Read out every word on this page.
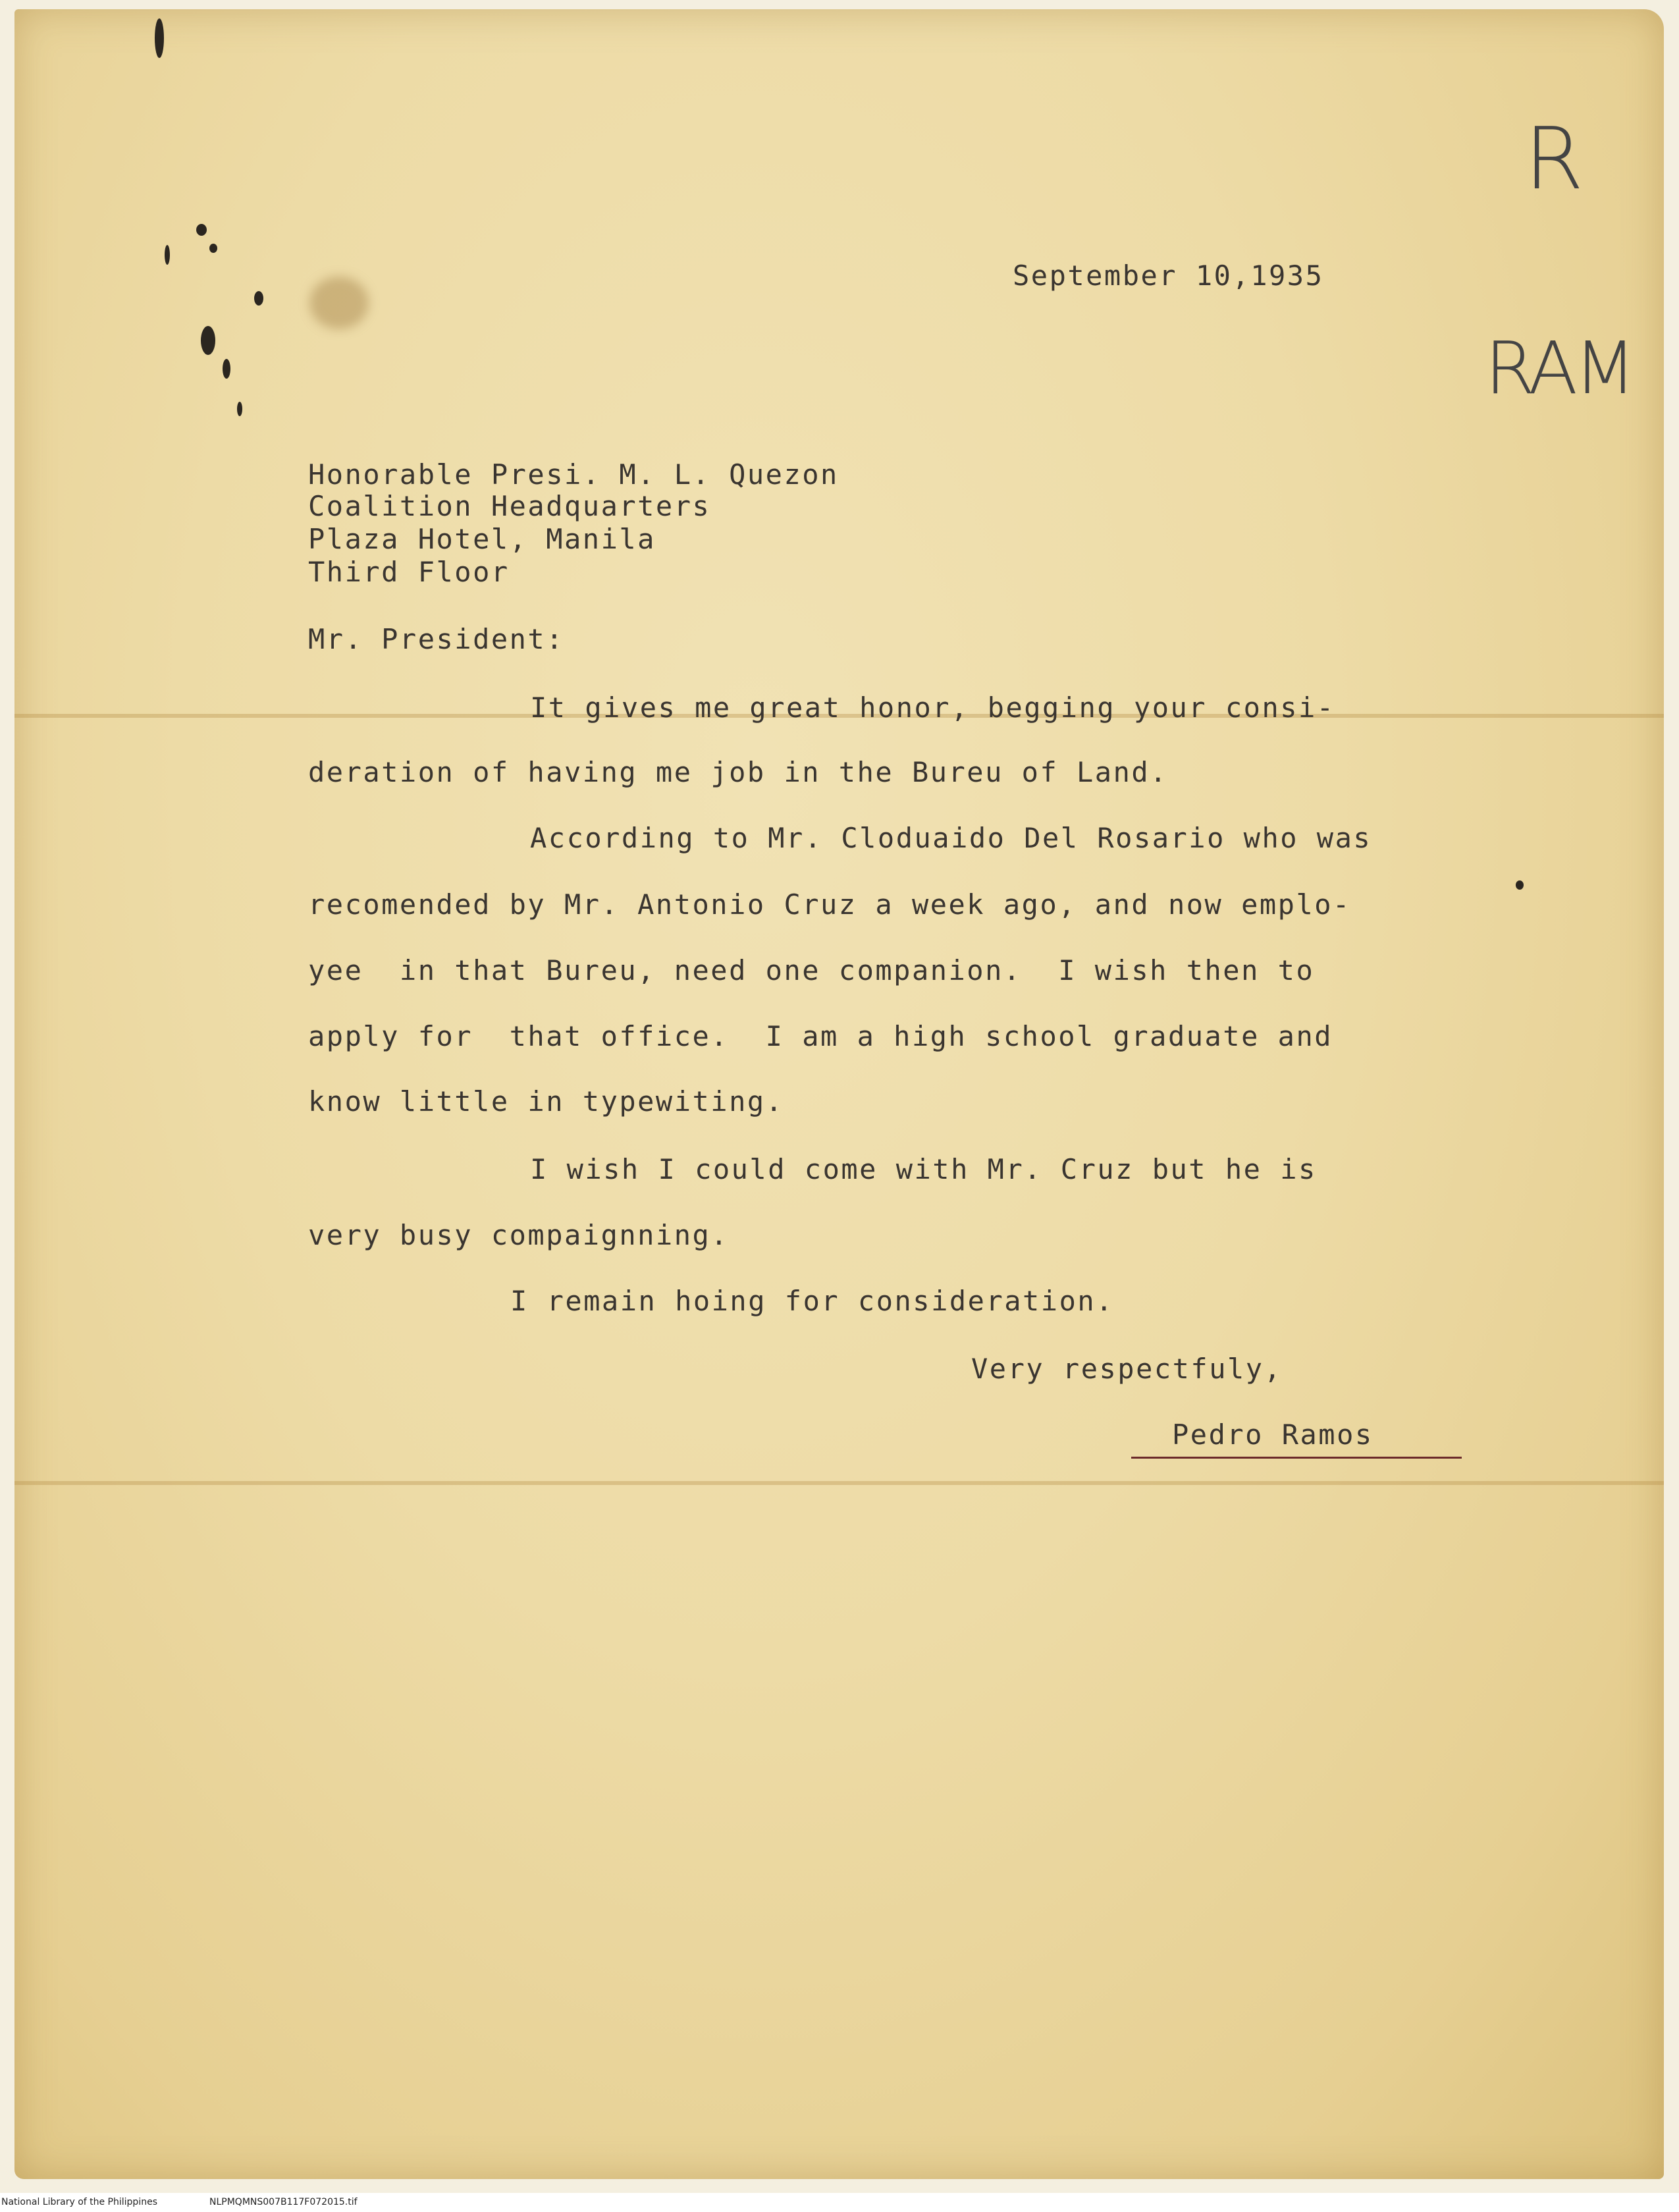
R
RAM
September 10,1935
Honorable Presi. M. L. Quezon
Coalition Headquarters
Plaza Hotel, Manila
Third Floor
Mr. President:
It gives me great honor, begging your consi-
deration of having me job in the Bureu of Land.
According to Mr. Cloduaido Del Rosario who was
recomended by Mr. Antonio Cruz a week ago, and now emplo-
yee  in that Bureu, need one companion.  I wish then to
apply for  that office.  I am a high school graduate and
know little in typewiting.
I wish I could come with Mr. Cruz but he is
very busy compaignning.
I remain hoing for consideration.
Very respectfuly,
Pedro Ramos
National Library of the Philippines	NLPMQMNS007B117F072015.tif
